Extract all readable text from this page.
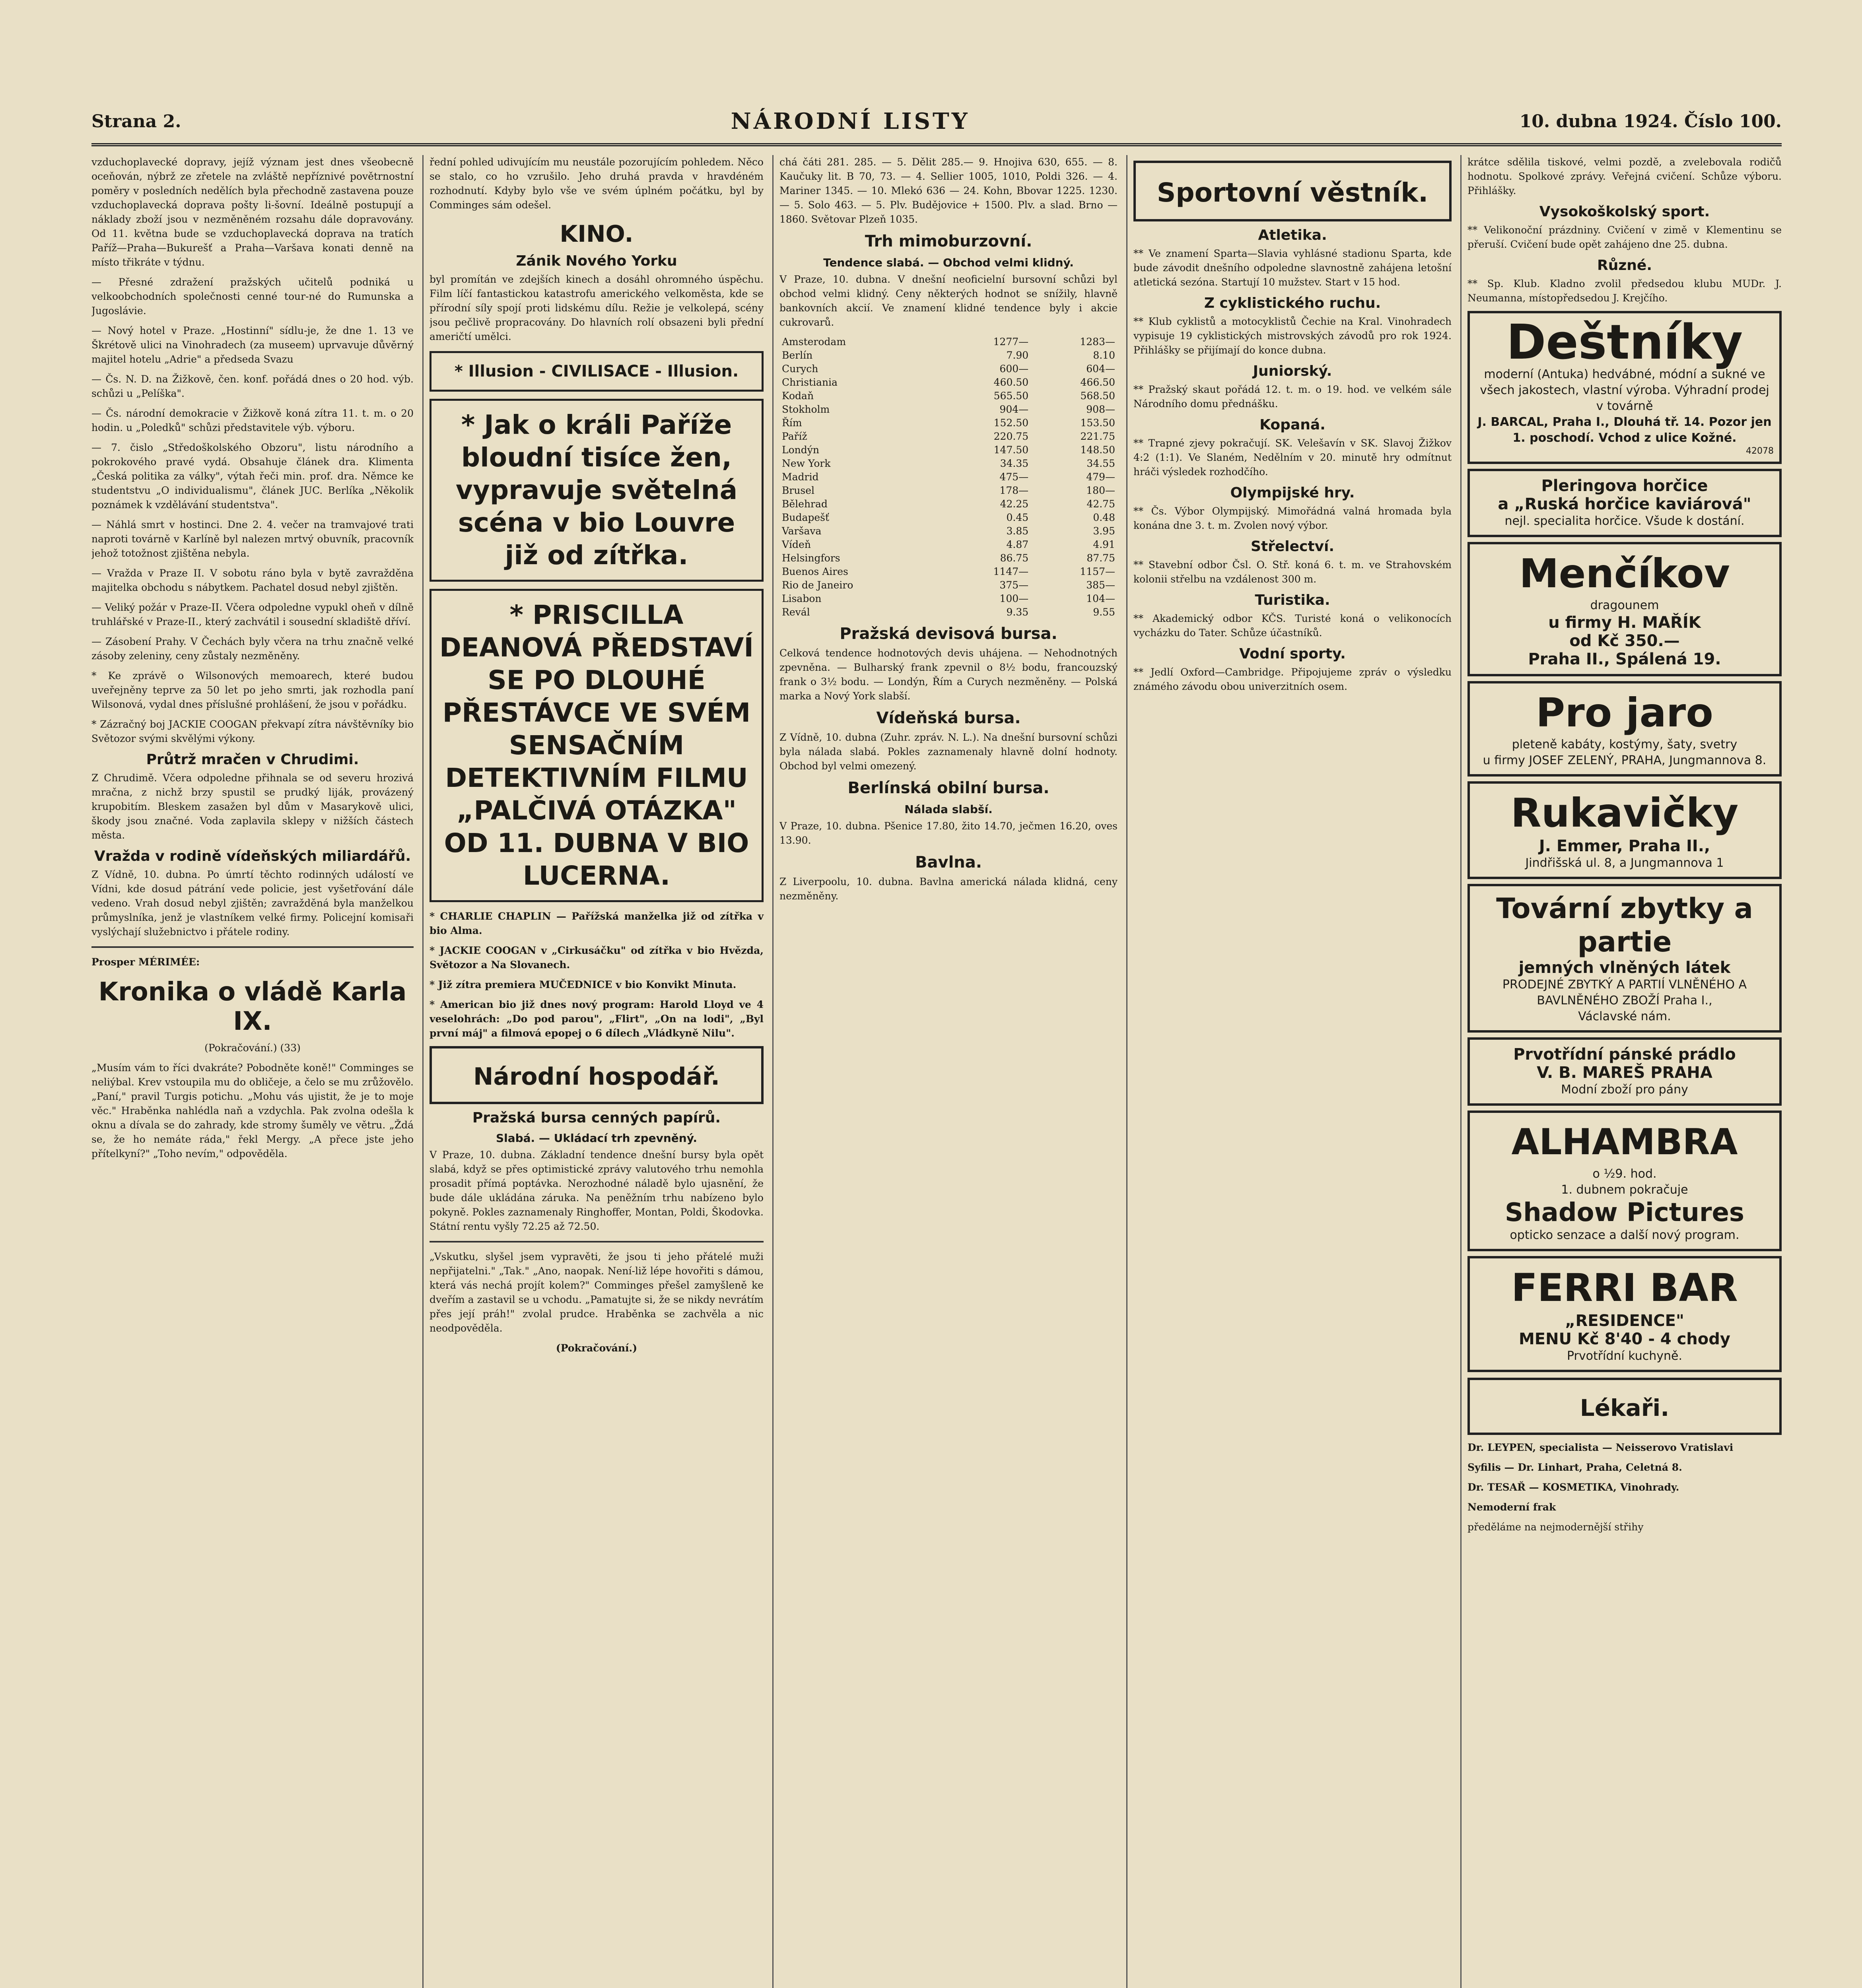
Strana 2.	NÁRODNÍ LISTY	10. dubna 1924. Číslo 100.

vzduchoplavecké dopravy, jejíž význam jest dnes všeobecně oceňován, nýbrž ze zřetele na zvláště nepříznivé povětrnostní poměry v posledních nedělích byla přechodně zastavena pouze vzduchoplavecká doprava pošty li-šovní. Ideálně postupují a náklady zboží jsou v nezměněném rozsahu dále dopravovány. Od 11. května bude se vzduchoplavecká doprava na tratích Paříž—Praha—Bukurešť a Praha—Varšava konati denně na místo třikráte v týdnu.

— Přesné zdražení pražských učitelů podniká u velkoobchodních společnosti cenné tour-né do Rumunska a Jugoslávie.

— Nový hotel v Praze. „Hostinní" sídlu-je, že dne 1. 13 ve Škrétově ulici na Vinohradech (za museem) uprvavuje důvěrný majitel hotelu „Adrie" a předseda Svazu

— Čs. N. D. na Žižkově, čen. konf. pořádá dnes o 20 hod. výb. schůzi u „Pelíška".

— Čs. národní demokracie v Žižkově koná zítra 11. t. m. o 20 hodin. u „Poledků" schůzi představitele výb. výboru.

— 7. čislo „Středoškolského Obzoru", listu národního a pokrokového pravé vydá. Obsahuje článek dra. Klimenta „Česká politika za války", výtah řeči min. prof. dra. Němce ke studentstvu „O individualismu", článek JUC. Berlíka „Několik poznámek k vzdělávání studentstva".

— Náhlá smrt v hostinci. Dne 2. 4. večer na tramvajové trati naproti továrně v Karlíně byl nalezen mrtvý obuvník, pracovník jehož totožnost zjištěna nebyla.

— Vražda v Praze II. V sobotu ráno byla v bytě zavražděna majitelka obchodu s nábytkem. Pachatel dosud nebyl zjištěn.

— Veliký požár v Praze-II. Včera odpoledne vypukl oheň v dílně truhlářské v Praze-II., který zachvátil i sousední skladiště dříví.

— Zásobení Prahy. V Čechách byly včera na trhu značně velké zásoby zeleniny, ceny zůstaly nezměněny.

* Ke zprávě o Wilsonových memoarech, které budou uveřejněny teprve za 50 let po jeho smrti, jak rozhodla paní Wilsonová, vydal dnes příslušné prohlášení, že jsou v pořádku.

* Zázračný boj JACKIE COOGAN překvapí zítra návštěvníky bio Světozor svými skvělými výkony.

Průtrž mračen v Chrudimi.

Z Chrudimě. Včera odpoledne přihnala se od severu hrozivá mračna, z nichž brzy spustil se prudký liják, provázený krupobitím. Bleskem zasažen byl dům v Masarykově ulici, škody jsou značné. Voda zaplavila sklepy v nižších částech města.

Vražda v rodině vídeňských miliardářů.

Z Vídně, 10. dubna. Po úmrtí těchto rodinných událostí ve Vídni, kde dosud pátrání vede policie, jest vyšetřování dále vedeno. Vrah dosud nebyl zjištěn; zavražděná byla manželkou průmyslníka, jenž je vlastníkem velké firmy. Policejní komisaři vyslýchají služebnictvo i přátele rodiny.

Prosper MÉRIMÉE:

Kronika o vládě Karla IX.

(Pokračování.) (33)

„Musím vám to říci dvakráte? Pobodněte koně!" Comminges se neliýbal. Krev vstoupila mu do obličeje, a čelo se mu zrůžovělo. „Paní," pravil Turgis potichu. „Mohu vás ujistit, že je to moje věc." Hraběnka nahlédla naň a vzdychla. Pak zvolna odešla k oknu a dívala se do zahrady, kde stromy šuměly ve větru. „Ždá se, že ho nemáte ráda," řekl Mergy. „A přece jste jeho přítelkyní?" „Toho nevím," odpověděla.

řední pohled udivujícím mu neustále pozorujícím pohledem. Něco se stalo, co ho vzrušilo. Jeho druhá pravda v hravdéném rozhodnutí. Kdyby bylo vše ve svém úplném počátku, byl by Comminges sám odešel.

KINO.
Zánik Nového Yorku

byl promítán ve zdejších kinech a dosáhl ohromného úspěchu. Film líčí fantastickou katastrofu amerického velkoměsta, kde se přírodní síly spojí proti lidskému dílu. Režie je velkolepá, scény jsou pečlivě propracovány. Do hlavních rolí obsazeni byli přední američtí umělci.

* Illusion - CIVILISACE - Illusion.
* Jak o králi Paříže bloudní tisíce žen, vypravuje světelná scéna v bio Louvre již od zítřka.
* PRISCILLA DEANOVÁ PŘEDSTAVÍ SE PO DLOUHÉ PŘESTÁVCE VE SVÉM SENSAČNÍM DETEKTIVNÍM FILMU „PALČIVÁ OTÁZKA" OD 11. DUBNA V BIO LUCERNA.

* CHARLIE CHAPLIN — Pařížská manželka již od zítřka v bio Alma.

* JACKIE COOGAN v „Cirkusáčku" od zítřka v bio Hvězda, Světozor a Na Slovanech.

* Již zítra premiera MUČEDNICE v bio Konvikt Minuta.

* American bio již dnes nový program: Harold Lloyd ve 4 veselohrách: „Do pod parou", „Flirt", „On na lodi", „Byl první máj" a filmová epopej o 6 dílech „Vládkyně Nilu".

Národní hospodář.
Pražská bursa cenných papírů.
Slabá. — Ukládací trh zpevněný.

V Praze, 10. dubna. Základní tendence dnešní bursy byla opět slabá, když se přes optimistické zprávy valutového trhu nemohla prosadit přímá poptávka. Nerozhodné náladě bylo ujasnění, že bude dále ukládána záruka. Na peněžním trhu nabízeno bylo pokyně. Pokles zaznamenaly Ringhoffer, Montan, Poldi, Škodovka. Státní rentu vyšly 72.25 až 72.50.

„Vskutku, slyšel jsem vypravěti, že jsou ti jeho přátelé muži nepřijatelni." „Tak." „Ano, naopak. Není-liž lépe hovořiti s dámou, která vás nechá projít kolem?" Comminges přešel zamyšleně ke dveřím a zastavil se u vchodu. „Pamatujte si, že se nikdy nevrátím přes její práh!" zvolal prudce. Hraběnka se zachvěla a nic neodpověděla.

(Pokračování.)

chá čáti 281. 285. — 5. Dělit 285.— 9. Hnojiva 630, 655. — 8. Kaučuky lit. B 70, 73. — 4. Sellier 1005, 1010, Poldi 326. — 4. Mariner 1345. — 10. Mlekó 636 — 24. Kohn, Bbovar 1225. 1230. — 5. Solo 463. — 5. Plv. Budějovice + 1500. Plv. a slad. Brno — 1860. Světovar Plzeň 1035.

Trh mimoburzovní.
Tendence slabá. — Obchod velmi klidný.

V Praze, 10. dubna. V dnešní neoficielní bursovní schůzi byl obchod velmi klidný. Ceny některých hodnot se snížily, hlavně bankovních akcií. Ve znamení klidné tendence byly i akcie cukrovarů.

Amsterodam	1277—	1283—
Berlín	7.90	8.10
Curych	600—	604—
Christiania	460.50	466.50
Kodaň	565.50	568.50
Stokholm	904—	908—
Řím	152.50	153.50
Paříž	220.75	221.75
Londýn	147.50	148.50
New York	34.35	34.55
Madrid	475—	479—
Brusel	178—	180—
Bělehrad	42.25	42.75
Budapešť	0.45	0.48
Varšava	3.85	3.95
Vídeň	4.87	4.91
Helsingfors	86.75	87.75
Buenos Aires	1147—	1157—
Rio de Janeiro	375—	385—
Lisabon	100—	104—
Revál	9.35	9.55
Pražská devisová bursa.

Celková tendence hodnotových devis uhájena. — Nehodnotných zpevněna. — Bulharský frank zpevnil o 8½ bodu, francouzský frank o 3½ bodu. — Londýn, Řím a Curych nezměněny. — Polská marka a Nový York slabší.

Vídeňská bursa.

Z Vídně, 10. dubna (Zuhr. zpráv. N. L.). Na dnešní bursovní schůzi byla nálada slabá. Pokles zaznamenaly hlavně dolní hodnoty. Obchod byl velmi omezený.

Berlínská obilní bursa.
Nálada slabší.

V Praze, 10. dubna. Pšenice 17.80, žito 14.70, ječmen 16.20, oves 13.90.

Bavlna.

Z Liverpoolu, 10. dubna. Bavlna americká nálada klidná, ceny nezměněny.

Sportovní věstník.
Atletika.

** Ve znamení Sparta—Slavia vyhlásné stadionu Sparta, kde bude závodit dnešního odpoledne slavnostně zahájena letošní atletická sezóna. Startují 10 mužstev. Start v 15 hod.

Z cyklistického ruchu.

** Klub cyklistů a motocyklistů Čechie na Kral. Vinohradech vypisuje 19 cyklistických mistrovských závodů pro rok 1924. Přihlášky se přijímají do konce dubna.

Juniorský.

** Pražský skaut pořádá 12. t. m. o 19. hod. ve velkém sále Národního domu přednášku.

Kopaná.

** Trapné zjevy pokračují. SK. Velešavín v SK. Slavoj Žižkov 4:2 (1:1). Ve Slaném, Nedělním v 20. minutě hry odmítnut hráči výsledek rozhodčího.

Olympijské hry.

** Čs. Výbor Olympijský. Mimořádná valná hromada byla konána dne 3. t. m. Zvolen nový výbor.

Střelectví.

** Stavební odbor Čsl. O. Stř. koná 6. t. m. ve Strahovském kolonii střelbu na vzdálenost 300 m.

Turistika.

** Akademický odbor KČS. Turisté koná o velikonocích vycházku do Tater. Schůze účastníků.

Vodní sporty.

** Jedlí Oxford—Cambridge. Připojujeme zpráv o výsledku známého závodu obou univerzitních osem.

krátce sdělila tiskové, velmi pozdě, a zvelebovala rodičů hodnotu. Spolkové zprávy. Veřejná cvičení. Schůze výboru. Přihlášky.

Vysokoškolský sport.

** Velikonoční prázdniny. Cvičení v zimě v Klementinu se přeruší. Cvičení bude opět zahájeno dne 25. dubna.

Různé.

** Sp. Klub. Kladno zvolil předsedou klubu MUDr. J. Neumanna, místopředsedou J. Krejčího.

Deštníky
moderní (Antuka) hedvábné, módní a sukné ve všech jakostech, vlastní výroba. Výhradní prodej v továrně
J. BARCAL, Praha I., Dlouhá tř. 14. Pozor jen 1. poschodí. Vchod z ulice Kožné.
42078
Pleringova horčice
a „Ruská horčice kaviárová"
nejl. specialita horčice. Všude k dostání.
Menčíkov
dragounem
u firmy H. MAŘÍK
od Kč 350.—
Praha II., Spálená 19.
Pro jaro
pleteně kabáty, kostýmy, šaty, svetry
u firmy JOSEF ZELENÝ, PRAHA, Jungmannova 8.
Rukavičky
J. Emmer, Praha II.,
Jindřišská ul. 8, a Jungmannova 1
Tovární zbytky a partie
jemných vlněných látek
PRODEJNÉ ZBYTKÝ A PARTIÍ VLNĚNÉHO A BAVLNĚNÉHO ZBOŽÍ Praha I.,
Václavské nám.
Prvotřídní pánské prádlo
V. B. MAREŠ PRAHA
Modní zboží pro pány
ALHAMBRA
o ½9. hod.
1. dubnem pokračuje
Shadow Pictures
opticko senzace a další nový program.
FERRI BAR
„RESIDENCE"
MENU Kč 8'40 - 4 chody
Prvotřídní kuchyně.
Lékaři.

Dr. LEYPEN, specialista — Neisserovo Vratislavi

Syfilis — Dr. Linhart, Praha, Celetná 8.

Dr. TESAŘ — KOSMETIKA, Vinohrady.

Nemoderní frak

předěláme na nejmodernější střihy
